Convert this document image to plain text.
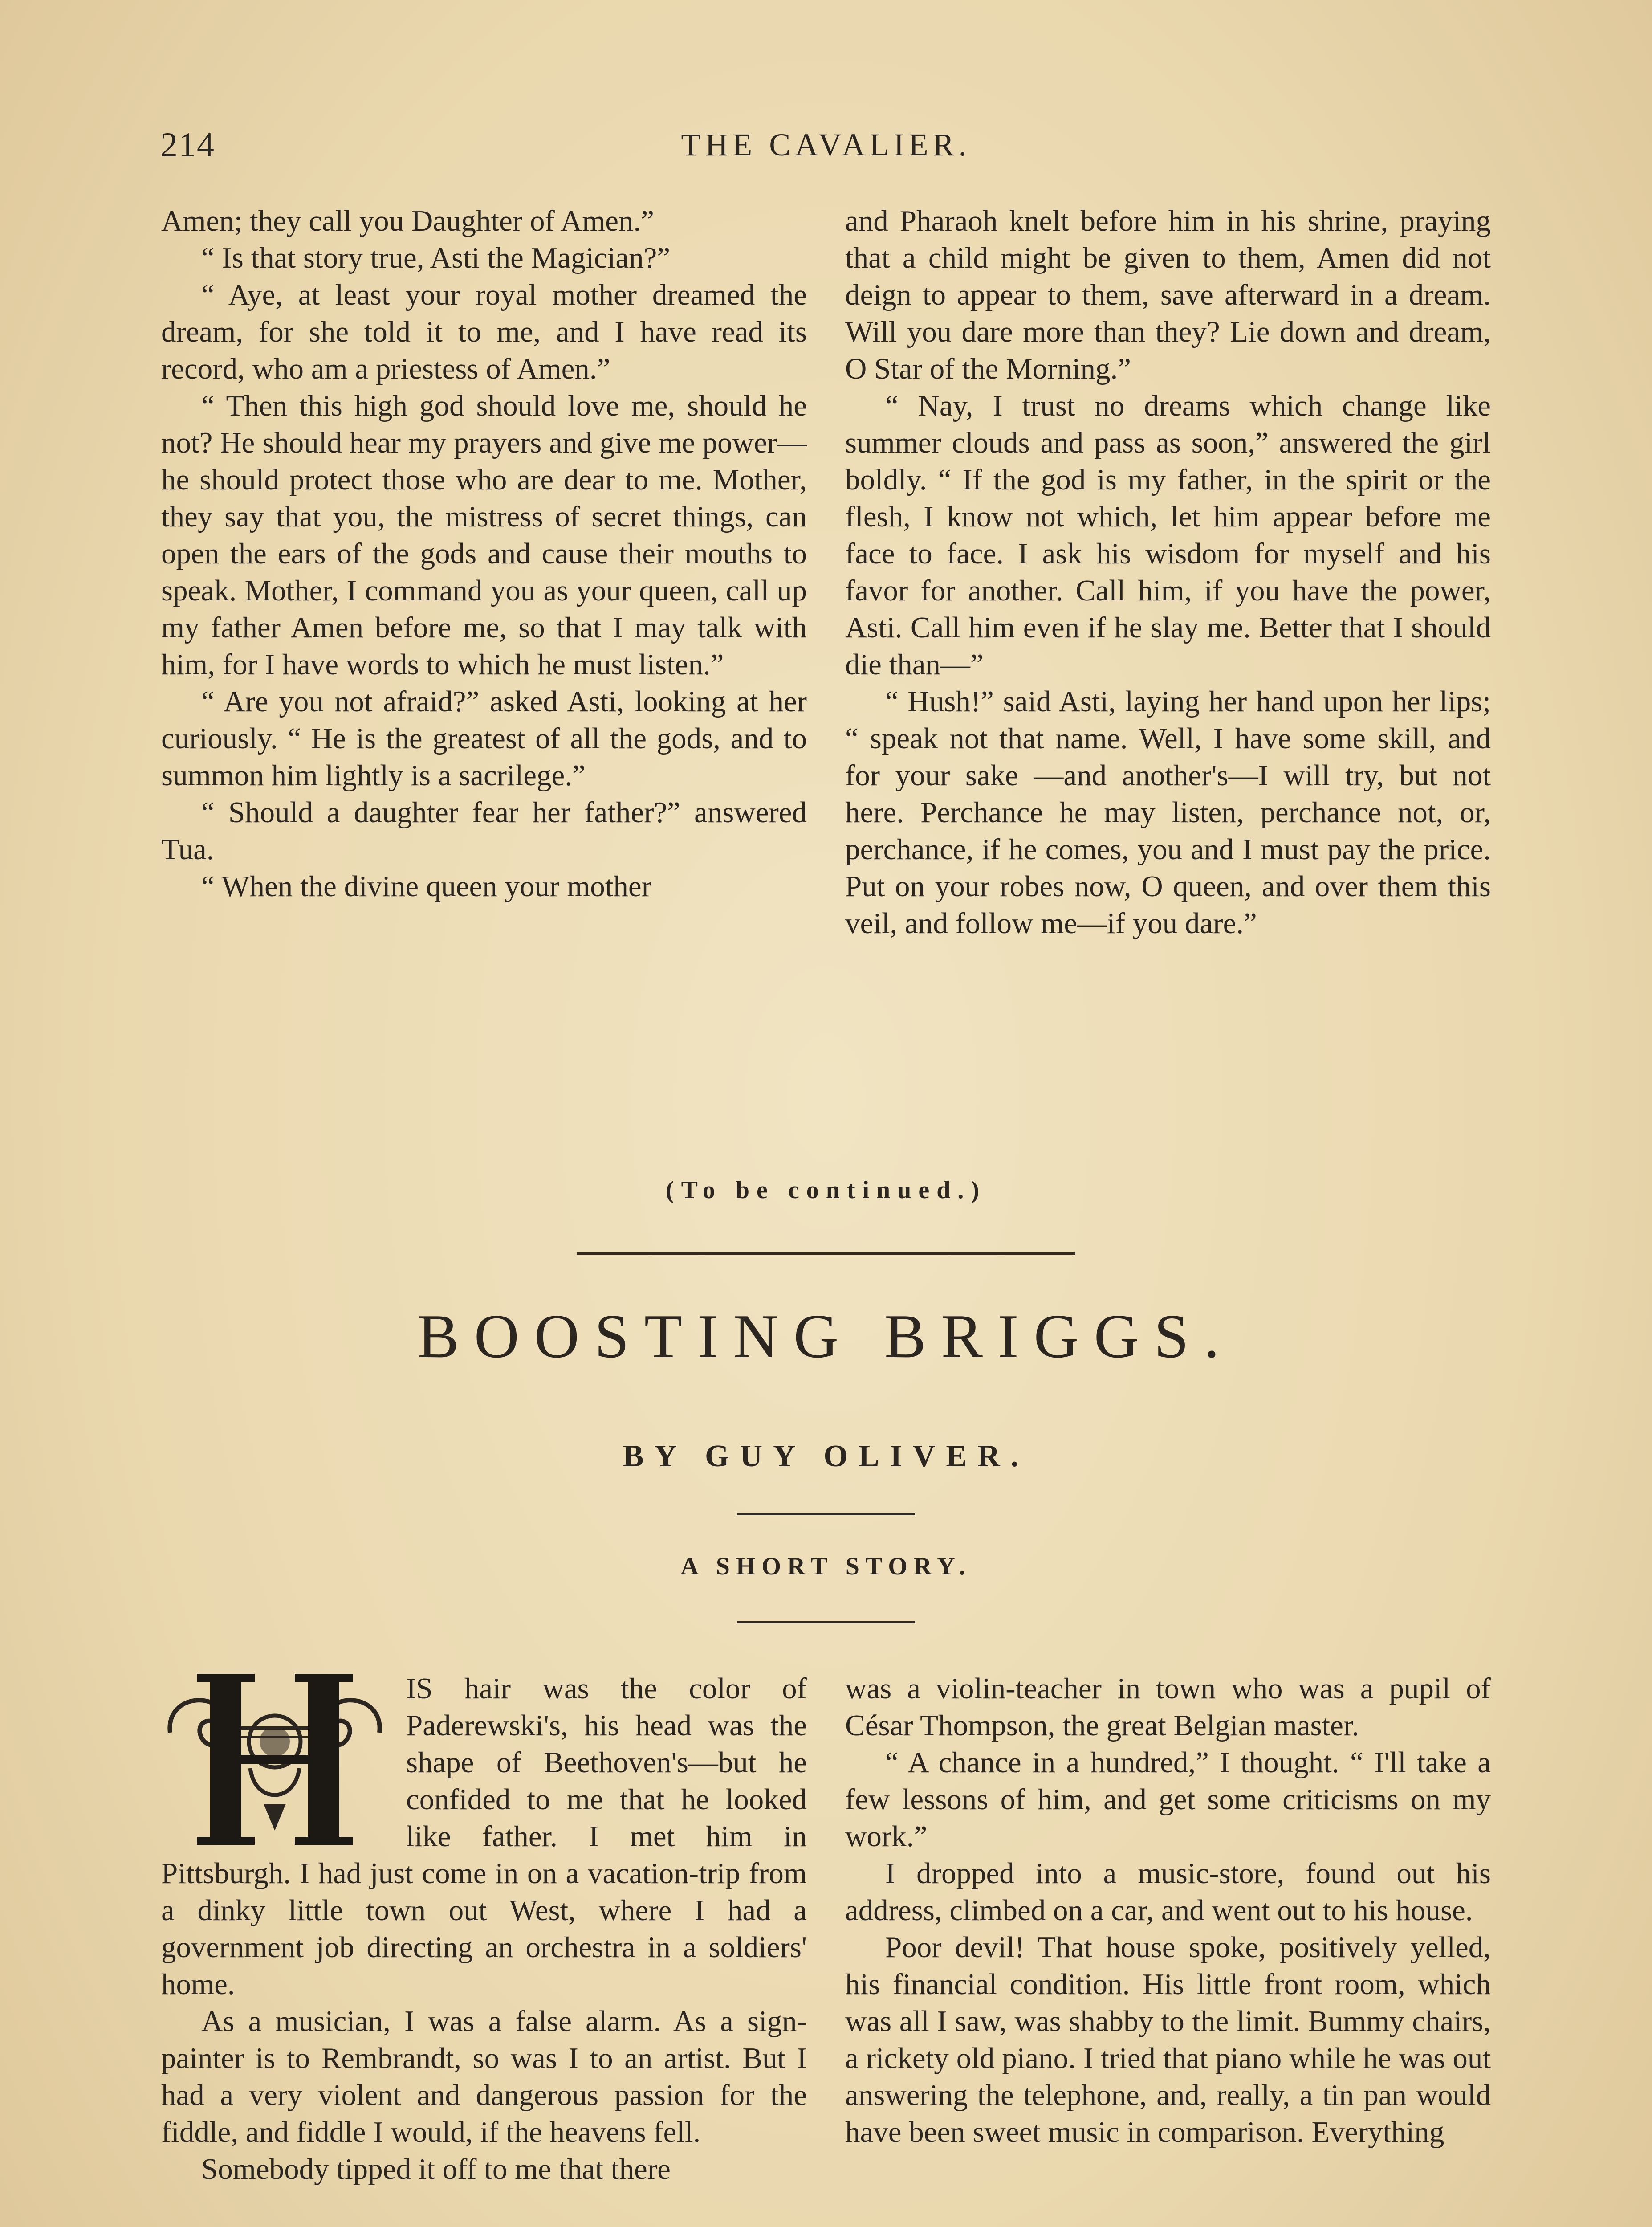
214	THE CAVALIER.

Amen; they call you Daughter of Amen.”

“ Is that story true, Asti the Magician?”

“ Aye, at least your royal mother dreamed the dream, for she told it to me, and I have read its record, who am a priestess of Amen.”

“ Then this high god should love me, should he not? He should hear my prayers and give me power—he should protect those who are dear to me. Mother, they say that you, the mistress of secret things, can open the ears of the gods and cause their mouths to speak. Mother, I command you as your queen, call up my father Amen before me, so that I may talk with him, for I have words to which he must listen.”

“ Are you not afraid?” asked Asti, looking at her curiously. “ He is the greatest of all the gods, and to summon him lightly is a sacrilege.”

“ Should a daughter fear her father?” answered Tua.

“ When the divine queen your mother

and Pharaoh knelt before him in his shrine, praying that a child might be given to them, Amen did not deign to appear to them, save afterward in a dream. Will you dare more than they? Lie down and dream, O Star of the Morning.”

“ Nay, I trust no dreams which change like summer clouds and pass as soon,” answered the girl boldly. “ If the god is my father, in the spirit or the flesh, I know not which, let him appear before me face to face. I ask his wisdom for myself and his favor for another. Call him, if you have the power, Asti. Call him even if he slay me. Better that I should die than—”

“ Hush!” said Asti, laying her hand upon her lips; “ speak not that name. Well, I have some skill, and for your sake —and another's—I will try, but not here. Perchance he may listen, perchance not, or, perchance, if he comes, you and I must pay the price. Put on your robes now, O queen, and over them this veil, and follow me—if you dare.”

(To be continued.)
BOOSTING BRIGGS.
BY GUY OLIVER.
A SHORT STORY.

IS hair was the color of Paderewski's, his head was the shape of Beethoven's—but he confided to me that he looked like father. I met him in Pittsburgh. I had just come in on a vacation-trip from a dinky little town out West, where I had a government job directing an orchestra in a soldiers' home.

As a musician, I was a false alarm. As a sign-painter is to Rembrandt, so was I to an artist. But I had a very violent and dangerous passion for the fiddle, and fiddle I would, if the heavens fell.

Somebody tipped it off to me that there

was a violin-teacher in town who was a pupil of César Thompson, the great Belgian master.

“ A chance in a hundred,” I thought. “ I'll take a few lessons of him, and get some criticisms on my work.”

I dropped into a music-store, found out his address, climbed on a car, and went out to his house.

Poor devil! That house spoke, positively yelled, his financial condition. His little front room, which was all I saw, was shabby to the limit. Bummy chairs, a rickety old piano. I tried that piano while he was out answering the telephone, and, really, a tin pan would have been sweet music in comparison. Everything
